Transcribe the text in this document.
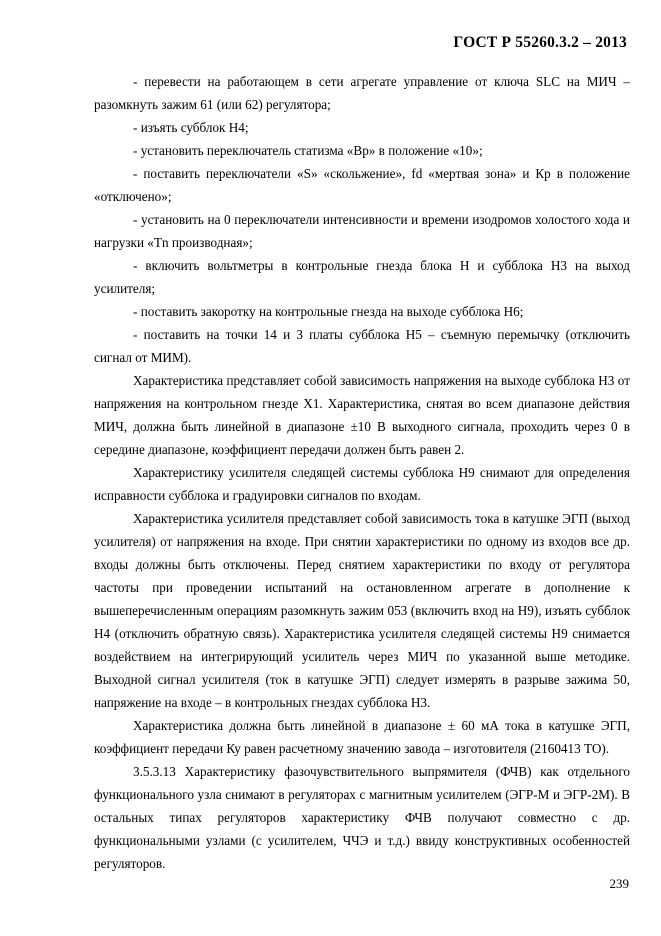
ГОСТ Р 55260.3.2 – 2013

- перевести на работающем в сети агрегате управление от ключа SLC на МИЧ – разомкнуть зажим 61 (или 62) регулятора;

- изъять субблок Н4;

- установить переключатель статизма «Вр» в положение «10»;

- поставить переключатели «S» «скольжение», fd «мертвая зона» и Кр в положение «отключено»;

- установить на 0 переключатели интенсивности и времени изодромов холостого хода и нагрузки «Тn производная»;

- включить вольтметры в контрольные гнезда блока Н и субблока Н3 на выход усилителя;

- поставить закоротку на контрольные гнезда на выходе субблока Н6;

- поставить на точки 14 и 3 платы субблока Н5 – съемную перемычку (отключить сигнал от МИМ).

Характеристика представляет собой зависимость напряжения на выходе субблока Н3 от напряжения на контрольном гнезде Х1. Характеристика, снятая во всем диапазоне действия МИЧ, должна быть линейной в диапазоне ±10 В выходного сигнала, проходить через 0 в середине диапазоне, коэффициент передачи должен быть равен 2.

Характеристику усилителя следящей системы субблока Н9 снимают для определения исправности субблока и градуировки сигналов по входам.

Характеристика усилителя представляет собой зависимость тока в катушке ЭГП (выход усилителя) от напряжения на входе. При снятии характеристики по одному из входов все др. входы должны быть отключены. Перед снятием характеристики по входу от регулятора частоты при проведении испытаний на остановленном агрегате в дополнение к вышеперечисленным операциям разомкнуть зажим 053 (включить вход на Н9), изъять субблок Н4 (отключить обратную связь). Характеристика усилителя следящей системы Н9 снимается воздействием на интегрирующий усилитель через МИЧ по указанной выше методике. Выходной сигнал усилителя (ток в катушке ЭГП) следует измерять в разрыве зажима 50, напряжение на входе – в контрольных гнездах субблока Н3.

Характеристика должна быть линейной в диапазоне ± 60 мА тока в катушке ЭГП, коэффициент передачи Ку равен расчетному значению завода – изготовителя (2160413 ТО).

3.5.3.13 Характеристику фазочувствительного выпрямителя (ФЧВ) как отдельного функционального узла снимают в регуляторах с магнитным усилителем (ЭГР-М и ЭГР-2М). В остальных типах регуляторов характеристику ФЧВ получают совместно с др. функциональными узлами (с усилителем, ЧЧЭ и т.д.) ввиду конструктивных особенностей регуляторов.

239
